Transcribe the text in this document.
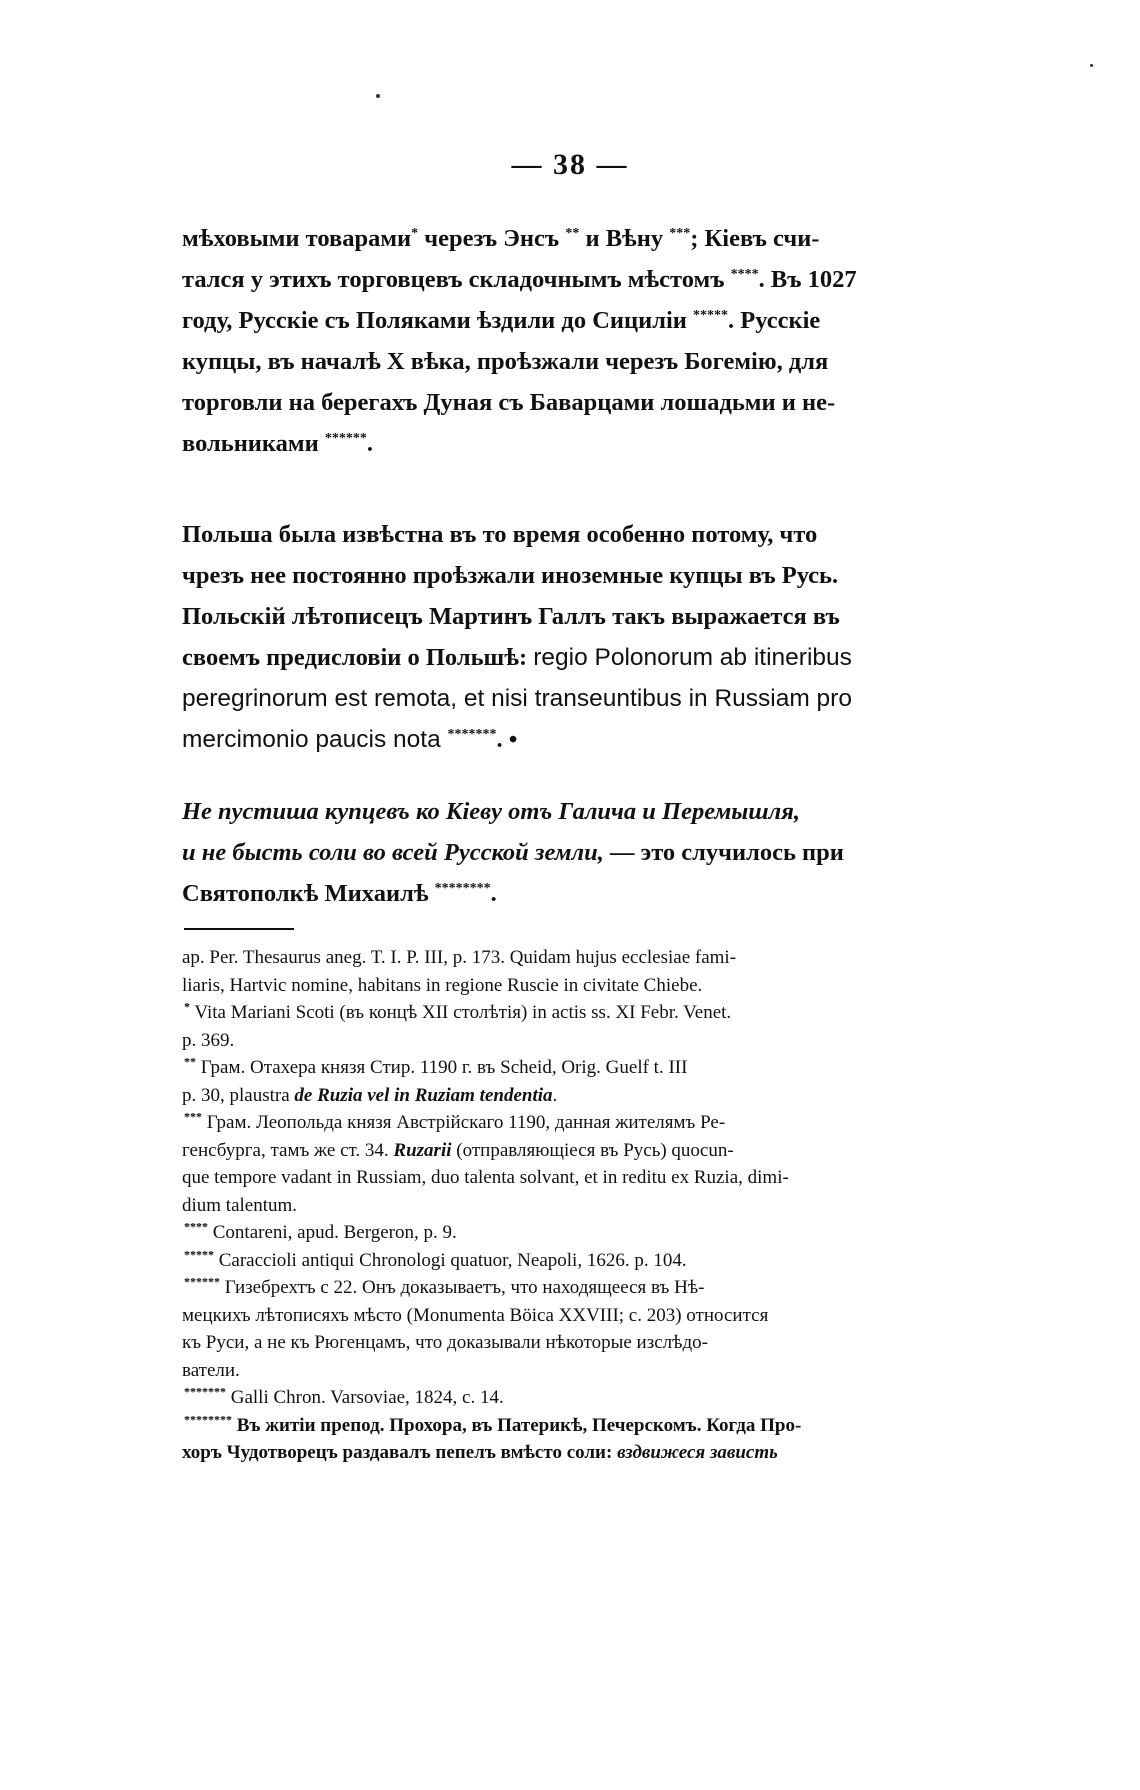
— 38 —

мѣховыми товарами* черезъ Энсъ ** и Вѣну ***; Кіевъ счи-

тался у этихъ торговцевъ складочнымъ мѣстомъ ****. Въ 1027

году, Русскіе съ Поляками ѣздили до Сициліи *****. Русскіе

купцы, въ началѣ X вѣка, проѣзжали черезъ Богемію, для

торговли на берегахъ Дуная съ Баварцами лошадьми и не-

вольниками ******.

Польша была извѣстна въ то время особенно потому, что

чрезъ нее постоянно проѣзжали иноземные купцы въ Русь.

Польскій лѣтописецъ Мартинъ Галлъ такъ выражается въ

своемъ предисловіи о Польшѣ: regio Polonorum ab itineribus

peregrinorum est remota, et nisi transeuntibus in Russiam pro

mercimonio paucis nota *******. •

Не пустиша купцевъ ко Кіеву отъ Галича и Перемышля,

и не бысть соли во всей Русской земли, — это случилось при

Святополкѣ Михаилѣ ********.

ap. Per. Thesaurus aneg. T. I. P. III, p. 173. Quidam hujus ecclesiae fami-

liaris, Hartvic nomine, habitans in regione Ruscie in civitate Chiebe.

* Vita Mariani Scoti (въ концѣ XII столѣтія) in actis ss. XI Febr. Venet.

p. 369.

** Грам. Отахера князя Стир. 1190 г. въ Scheid, Orig. Guelf t. III

p. 30, plaustra de Ruzia vel in Ruziam tendentia.

*** Грам. Леопольда князя Австрійскаго 1190, данная жителямъ Ре-

генсбурга, тамъ же ст. 34. Ruzarii (отправляющіеся въ Русь) quocun-

que tempore vadant in Russiam, duo talenta solvant, et in reditu ex Ruzia, dimi-

dium talentum.

**** Contareni, apud. Bergeron, p. 9.

***** Caraccioli antiqui Chronologi quatuor, Neapoli, 1626. p. 104.

****** Гизебрехтъ с 22. Онъ доказываетъ, что находящееся въ Нѣ-

мецкихъ лѣтописяхъ мѣсто (Monumenta Böica XXVIII; с. 203) относится

къ Руси, а не къ Рюгенцамъ, что доказывали нѣкоторые изслѣдо-

ватели.

******* Galli Chron. Varsoviae, 1824, c. 14.

******** Въ житіи препод. Прохора, въ Патерикѣ, Печерскомъ. Когда Про-

хоръ Чудотворецъ раздавалъ пепелъ вмѣсто соли: вздвижеся зависть
